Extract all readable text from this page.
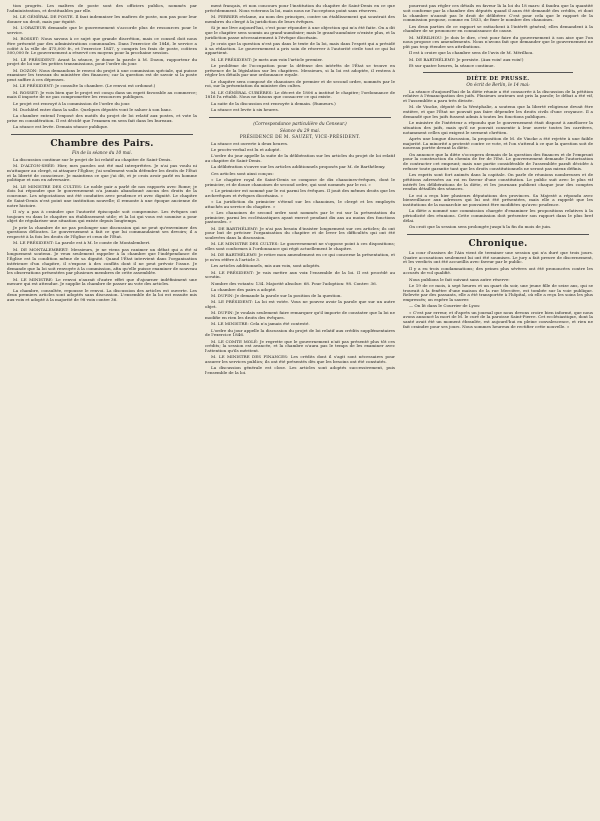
tion progrès. Les maîtres de poste sont des officiers publics, nommés par l'administration, et destituables par elle.

M. LE GÉNÉRAL DE POSTE. Il faut indemniser les maîtres de poste, non pas pour leur donner un droit, mais par équité.

M. L'ORATEUR demande que le gouvernement s'accorde plus de ressources pour le service.

M. ROSSET: Nous savons à ce sujet que grande discrétion, mais ce conseil doit nous être présenté par des administrations communales. Dans l'exercice de 1846, le service a coûté à la ville de 475,000 fr., et l'exercice 1847, y compris les frais de poste, coûtera 500,000 fr. Le gouvernement a réservé ces moyens pour la prochaine session.

M. LE PRÉSIDENT: Avant la séance, je donne la parole à M. Dozon, rapporteur du projet de loi sur les petites transmissions, pour l'ordre du jour.

M. DOZON: Nous demandons le renvoi du projet à une commission spéciale, qui puisse examiner les travaux du ministère des finances; car la question est de savoir si la poste peut suffire à ces dépenses.

M. LE PRÉSIDENT: Je consulte la chambre. (Le renvoi est ordonné.)

M. ROSSET: Je vois bien que le projet est conçu dans un esprit favorable au commerce; mais il importe de ne pas compromettre les ressources publiques.

Le projet est renvoyé à la commission de l'ordre du jour.

M. Duchâtel entre dans la salle. Quelques députés vont le saluer à son banc.

La chambre entend l'exposé des motifs du projet de loi relatif aux postes, et vote la prise en considération. Il est décidé que l'examen en sera fait dans les bureaux.

La séance est levée. Demain séance publique.

Chambre des Pairs.
Fin de la séance du 10 mai.

La discussion continue sur le projet de loi relatif au chapitre de Saint-Denis.

M. D'ALTON-SHÉE: Hier, mes paroles ont été mal interprétées. Je n'ai pas voulu ni m'attaquer au clergé, ni attaquer l'Église; j'ai seulement voulu défendre les droits de l'État et la liberté de conscience. Je maintiens ce que j'ai dit, et je crois avoir parlé en homme politique et non en adversaire.

M. LE MINISTRE DES CULTES: Le noble pair a parlé de nos rapports avec Rome; je dois lui répondre que le gouvernement n'a jamais abandonné aucun des droits de la couronne. Les négociations ont été conduites avec prudence et avec dignité. Le chapitre de Saint-Denis n'est point une institution nouvelle; il remonte à une époque ancienne de notre histoire.

Il n'y a pas à craindre que l'autorité épiscopale soit compromise. Les évêques ont toujours vu dans le chapitre un établissement utile; et la loi qui vous est soumise a pour objet de régulariser une situation qui existe depuis longtemps.

Je prie la chambre de ne pas prolonger une discussion qui ne peut qu'envenimer des questions délicates. Le gouvernement a fait ce que lui commandaient ses devoirs; il a respecté à la fois les droits de l'Église et ceux de l'État.

M. LE PRÉSIDENT: La parole est à M. le comte de Montalembert.

M. DE MONTALEMBERT: Messieurs, je ne viens pas ranimer un débat qui a été si longuement soutenu. Je veux seulement rappeler à la chambre que l'indépendance de l'Église est la condition même de sa dignité. Quand l'État intervient dans l'organisation intérieure d'un chapitre, il s'expose à des conflits dont il ne peut prévoir l'issue. Je demande que la loi soit renvoyée à la commission, afin qu'elle puisse examiner de nouveau les observations présentées par plusieurs membres de cette assemblée.

M. LE MINISTRE: Le renvoi n'aurait d'autre effet que d'ajourner indéfiniment une mesure qui est attendue. Je supplie la chambre de passer au vote des articles.

La chambre, consultée, repousse le renvoi. La discussion des articles est ouverte. Les deux premiers articles sont adoptés sans discussion. L'ensemble de la loi est ensuite mis aux voix et adopté à la majorité de 98 voix contre 36.

ment français, et non concours pour l'institution du chapitre de Saint-Denis en ce que précédemment. Nous voterons la loi, mais nous ne l'acceptons point sans réserves.

M. FERRIER réclame, au nom des principes, contre un établissement qui soustrait des membres du clergé à la juridiction de leurs évêques.

Si je me lève aujourd'hui, c'est pour répondre à une objection qui m'a été faite. On a dit que le chapitre sera soumis au grand-aumônier; mais le grand-aumônier n'existe plus, et la juridiction passe nécessairement à l'évêque diocésain.

Je crois que la question n'est pas dans le texte de la loi, mais dans l'esprit qui a présidé à sa rédaction. Le gouvernement a pris soin de réserver à l'autorité civile tout ce qui lui appartient.

M. LE PRÉSIDENT: Je mets aux voix l'article premier.

Le problème de l'occupation pour la défense des intérêts de l'État se trouve en présence de la législation sur les chapitres. Messieurs, si la loi est adoptée, il restera à régler les détails par une ordonnance royale.

Le chapitre sera composé de chanoines de premier et de second ordre, nommés par le roi, sur la présentation du ministre des cultes.

M. LE GÉNÉRAL CUBIÈRES: Le décret de 1806 a institué le chapitre; l'ordonnance de 1816 l'a rétabli. Nous ne faisons que consacrer ce qui existe.

La suite de la discussion est renvoyée à demain. (Rumeurs.)

La séance est levée à six heures.

(Correspondance particulière du Censeur.)
Séance du 29 mai.

PRÉSIDENCE DE M. SAUZET, VICE-PRÉSIDENT.

La séance est ouverte à deux heures.

Le procès-verbal est lu et adopté.

L'ordre du jour appelle la suite de la délibération sur les articles du projet de loi relatif au chapitre de Saint-Denis.

La délibération s'ouvre sur les articles additionnels proposés par M. de Barthélemy.

Ces articles sont ainsi conçus:

« Le chapitre royal de Saint-Denis se compose de dix chanoines-évêques, dont le primicier, et de douze chanoines de second ordre, qui sont nommés par le roi. »

« Le primicier est nommé par le roi parmi les évêques. Il jouit des mêmes droits que les archevêques et évêques diocésains. »

« La juridiction du primicier s'étend sur les chanoines, le clergé et les employés attachés au service du chapitre. »

« Les chanoines de second ordre sont nommés par le roi sur la présentation du primicier, parmi les ecclésiastiques ayant exercé pendant dix ans au moins des fonctions pastorales. »

M. DE BARTHÉLEMY: Je n'ai pas besoin d'insister longuement sur ces articles; ils ont pour but de préciser l'organisation du chapitre et de lever les difficultés qui ont été soulevées dans la discussion.

M. LE MINISTRE DES CULTES: Le gouvernement ne s'oppose point à ces dispositions; elles sont conformes à l'ordonnance qui régit actuellement le chapitre.

M. DE BARTHÉLEMY: Je retire mon amendement en ce qui concerne la présentation, et je m'en réfère à l'article 3.

Les articles additionnels, mis aux voix, sont adoptés.

M. LE PRÉSIDENT: Je vais mettre aux voix l'ensemble de la loi. Il est procédé au scrutin.

Nombre des votants: 134. Majorité absolue: 68. Pour l'adoption: 98. Contre: 36.

La chambre des pairs a adopté.

M. DUPIN: Je demande la parole sur la position de la question.

M. LE PRÉSIDENT: La loi est votée. Vous ne pouvez avoir la parole que sur un autre objet.

M. DUPIN: Je voulais seulement faire remarquer qu'il importe de constater que la loi ne modifie en rien les droits des évêques.

M. LE MINISTRE: Cela n'a jamais été contesté.

L'ordre du jour appelle la discussion du projet de loi relatif aux crédits supplémentaires de l'exercice 1846.

M. LE COMTE MOLÉ: Je regrette que le gouvernement n'ait pas présenté plus tôt ces crédits; la session est avancée, et la chambre n'aura pas le temps de les examiner avec l'attention qu'ils méritent.

M. LE MINISTRE DES FINANCES: Les crédits dont il s'agit sont nécessaires pour assurer les services publics; ils ont été présentés dès que les besoins ont été constatés.

La discussion générale est close. Les articles sont adoptés successivement, puis l'ensemble de la loi.

pourront pas régler ces détails en faveur là la loi du 18 mars: il faudra que la quantité soit conforme par la chambre des députés quand il aura été demandé des crédits, et dont la chambre n'aurait pas le droit de délibérer. C'est pour cela que le rapport de la commission propose, comme en 1833, de fixer le nombre des chanoines.

Les deux parties de ce rapport se rattachent à l'intérêt général; elles demandent à la chambre de se prononcer en connaissance de cause.

M. MÉRILHOU: Je dois le dire, c'est pour faire du gouvernement à son aise que l'on nous propose ces amendements. Nous n'avons fait que demander que le gouvernement ne pût pas trop étendre ses attributions.

Il est à croire que la chambre sera de l'avis de M. Mérilhou.

M. DE BARTHÉLEMY: Je persiste. (Aux voix! aux voix!)

Et sur quatre heures, la séance continue.

DIÈTE DE PRUSSE.
On écrit de Berlin, le 14 mai:

La séance d'aujourd'hui de la diète réunie a été consacrée à la discussion de la pétition relative à l'émancipation des juifs. Plusieurs orateurs ont pris la parole; le débat a été vif, et l'assemblée a paru très divisée.

M. de Vincke, député de la Westphalie, a soutenu que la liberté religieuse devait être entière, et que l'État ne pouvait pas faire dépendre les droits civils d'une croyance. Il a demandé que les juifs fussent admis à toutes les fonctions publiques.

Le ministre de l'intérieur a répondu que le gouvernement était disposé à améliorer la situation des juifs, mais qu'il ne pouvait consentir à leur ouvrir toutes les carrières, notamment celles qui exigent le serment chrétien.

Après une longue discussion, la proposition de M. de Vincke a été rejetée à une faible majorité. La minorité a protesté contre ce vote, et l'on s'attend à ce que la question soit de nouveau portée devant la diète.

On annonce que la diète s'occupera demain de la question des finances et de l'emprunt pour la construction du chemin de fer de l'Est. Le gouvernement demande l'autorisation de contracter cet emprunt; mais une partie considérable de l'assemblée paraît décidée à refuser toute garantie tant que les droits constitutionnels ne seront pas mieux définis.

Les esprits sont fort animés dans la capitale. On parle de réunions nombreuses et de pétitions adressées au roi en faveur d'une constitution. Le public suit avec le plus vif intérêt les délibérations de la diète, et les journaux publient chaque jour des comptes rendus détaillés des séances.

Le roi a reçu hier plusieurs députations des provinces. Sa Majesté a répondu avec bienveillance aux adresses qui lui ont été présentées, mais elle a rappelé que les institutions de la monarchie ne pouvaient être modifiées qu'avec prudence.

La diète a nommé une commission chargée d'examiner les propositions relatives à la périodicité des réunions. Cette commission doit présenter son rapport dans le plus bref délai.

On croit que la session sera prolongée jusqu'à la fin du mois de juin.

Chronique.

La cour d'assises de l'Ain vient de terminer une session qui n'a duré que trois jours. Quatre accusations seulement lui ont été soumises. Le jury a fait preuve de discernement, et les verdicts ont été accueillis avec faveur par le public.

Il y a eu trois condamnations; des peines plus sévères ont été prononcées contre les accusés de vol qualifié.

Nous publions le fait suivant sans autre réserve:

Le 19 de ce mois, à sept heures et un quart du soir, une jeune fille de seize ans, qui se trouvait à la fenêtre d'une maison de la rue Mercière, est tombée sur la voie publique. Relevée par des passants, elle a été transportée à l'hôpital, où elle a reçu les soins les plus empressés; on espère la sauver.

— On lit dans le Courrier de Lyon:

« C'est par erreur, et d'après un journal que nous devons croire bien informé, que nous avons annoncé la mort de M. le curé de la paroisse Saint-Pierre. Cet ecclésiastique, dont la santé avait été un moment ébranlée, est aujourd'hui en pleine convalescence, et rien ne fait craindre pour ses jours. Nous sommes heureux de rectifier cette nouvelle. »
